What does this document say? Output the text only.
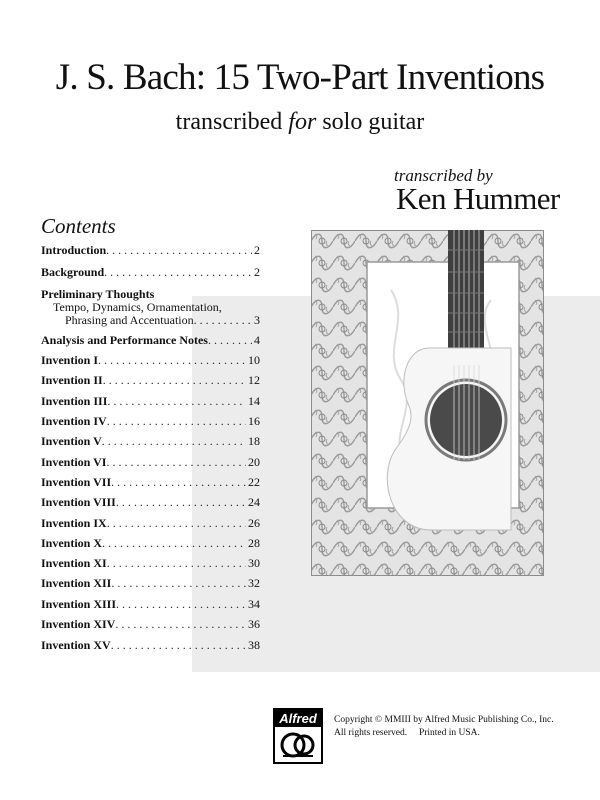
J. S. Bach: 15 Two-Part Inventions
transcribed for solo guitar
transcribed by
Ken Hummer
Contents
Introduction . . .	2
Background . . .	2
Preliminary Thoughts
Tempo, Dynamics, Ornamentation,
Phrasing and Accentuation . . .	3
Analysis and Performance Notes . . .	4
Invention I . . .	10
Invention II . . .	12
Invention III . . .	14
Invention IV . . .	16
Invention V . . .	18
Invention VI . . .	20
Invention VII . . .	22
Invention VIII . . .	24
Invention IX . . .	26
Invention X . . .	28
Invention XI . . .	30
Invention XII . . .	32
Invention XIII . . .	34
Invention XIV . . .	36
Invention XV . . .	38
Alfred	Copyright © MMIII by Alfred Music Publishing Co., Inc.
All rights reserved.     Printed in USA.
